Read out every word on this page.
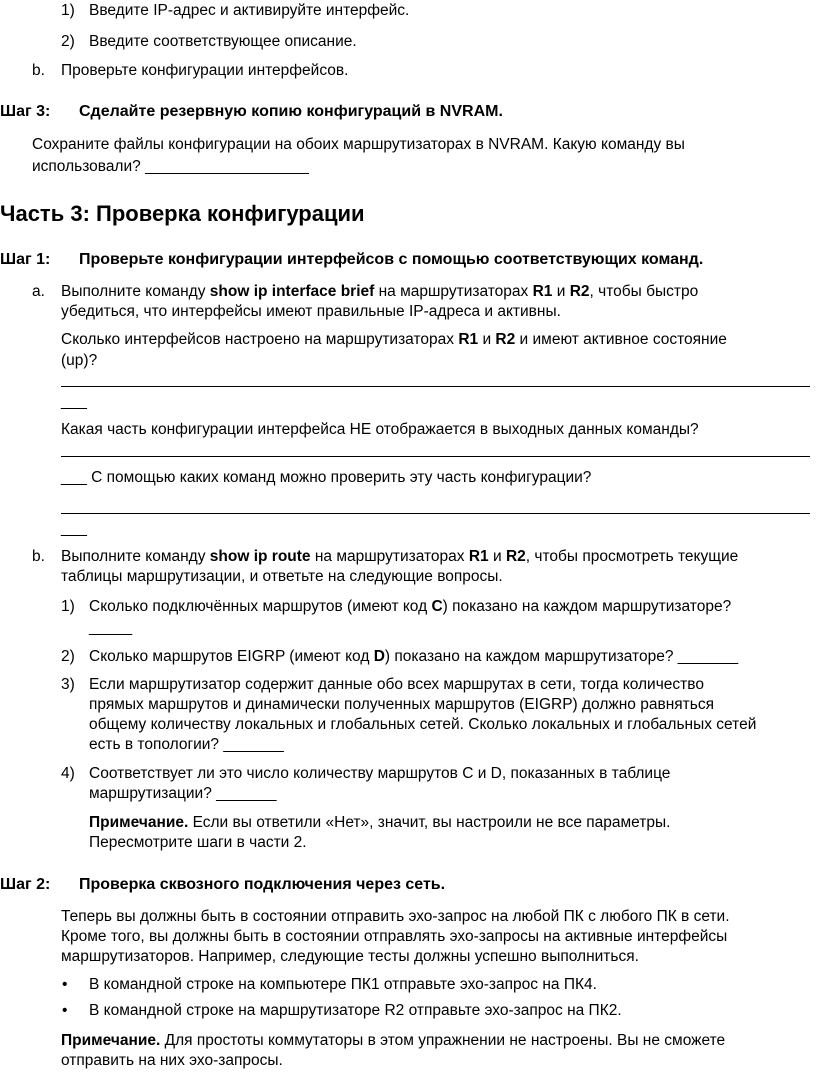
1) Введите IP-адрес и активируйте интерфейс.
2) Введите соответствующее описание.
b. Проверьте конфигурации интерфейсов.
Шаг 3: Сделайте резервную копию конфигураций в NVRAM.
Сохраните файлы конфигурации на обоих маршрутизаторах в NVRAM. Какую команду вы
использовали? ___________________
Часть 3: Проверка конфигурации
Шаг 1: Проверьте конфигурации интерфейсов с помощью соответствующих команд.
a. Выполните команду show ip interface brief на маршрутизаторах R1 и R2, чтобы быстро
убедиться, что интерфейсы имеют правильные IP-адреса и активны.
Сколько интерфейсов настроено на маршрутизаторах R1 и R2 и имеют активное состояние
(up)?
___
Какая часть конфигурации интерфейса НЕ отображается в выходных данных команды?
___ С помощью каких команд можно проверить эту часть конфигурации?
___
b. Выполните команду show ip route на маршрутизаторах R1 и R2, чтобы просмотреть текущие
таблицы маршрутизации, и ответьте на следующие вопросы.
1) Сколько подключённых маршрутов (имеют код C) показано на каждом маршрутизаторе?
_____
2) Сколько маршрутов EIGRP (имеют код D) показано на каждом маршрутизаторе? _______
3) Если маршрутизатор содержит данные обо всех маршрутах в сети, тогда количество
прямых маршрутов и динамически полученных маршрутов (EIGRP) должно равняться
общему количеству локальных и глобальных сетей. Сколько локальных и глобальных сетей
есть в топологии? _______
4) Соответствует ли это число количеству маршрутов C и D, показанных в таблице
маршрутизации? _______
Примечание. Если вы ответили «Нет», значит, вы настроили не все параметры.
Пересмотрите шаги в части 2.
Шаг 2: Проверка сквозного подключения через сеть.
Теперь вы должны быть в состоянии отправить эхо-запрос на любой ПК с любого ПК в сети.
Кроме того, вы должны быть в состоянии отправлять эхо-запросы на активные интерфейсы
маршрутизаторов. Например, следующие тесты должны успешно выполниться.
• В командной строке на компьютере ПК1 отправьте эхо-запрос на ПК4.
• В командной строке на маршрутизаторе R2 отправьте эхо-запрос на ПК2.
Примечание. Для простоты коммутаторы в этом упражнении не настроены. Вы не сможете
отправить на них эхо-запросы.
